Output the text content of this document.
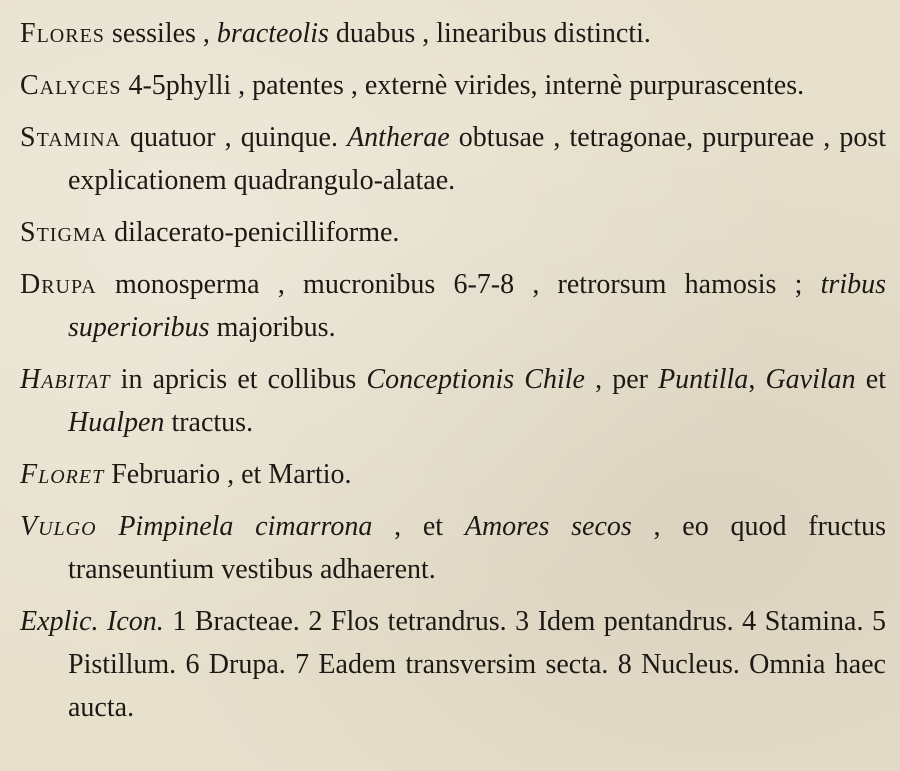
Flores sessiles , bracteolis duabus , linearibus distincti.
Calyces 4-5phylli , patentes , externè virides, internè purpurascentes.
Stamina quatuor , quinque. Antherae obtusae , tetragonae, purpureae , post explicationem quadrangulo-alatae.
Stigma dilacerato-penicilliforme.
Drupa monosperma , mucronibus 6-7-8 , retrorsum hamosis ; tribus superioribus majoribus.
Habitat in apricis et collibus Conceptionis Chile , per Puntilla, Gavilan et Hualpen tractus.
Floret Februario , et Martio.
Vulgo Pimpinela cimarrona , et Amores secos , eo quod fructus transeuntium vestibus adhaerent.
Explic. Icon. 1 Bracteae. 2 Flos tetrandrus. 3 Idem pentandrus. 4 Stamina. 5 Pistillum. 6 Drupa. 7 Eadem transversim secta. 8 Nucleus. Omnia haec aucta.
